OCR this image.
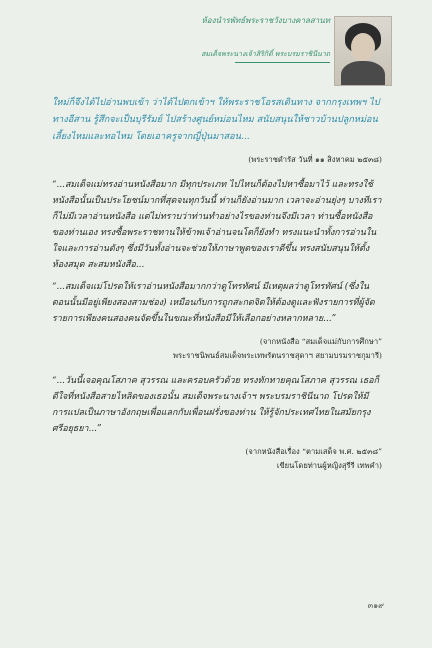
ห้องนำรพัทธ์พระราชวังบางคาลสานท
สมเด็จพระนางเจ้าสิริกิติ์ พระบรมราชินีนาถ

ใหม่ก็จึงได้ไปอ่านพบเข้า ว่าได้ไปตกเข้าฯ ให้พระราชโอรสเดินทาง จากกรุงเทพฯ ไปทางอีสาน รู้สึกจะเป็นบุรีรัมย์ ไปสร้างศูนย์หม่อนไหม สนับสนุนให้ชาวบ้านปลูกหม่อนเลี้ยงไหมและทอไหม โดยเอาครูจากญี่ปุ่นมาสอน...

(พระราชดำรัส วันที่ ๑๑ สิงหาคม ๒๕๓๘)

“...สมเด็จแม่ทรงอ่านหนังสือมาก มีทุกประเภท ไปไหนก็ต้องไปหาซื้อมาไว้ และทรงใช้หนังสือนั้นเป็นประโยชน์มากที่สุดจนทุกวันนี้ ท่านก็ยังอ่านมาก เวลาจะอ่านยุ่งๆ บางทีเราก็ไม่มีเวลาอ่านหนังสือ แต่ไม่ทราบว่าท่านทำอย่างไรของท่านจึงมีเวลา ท่านซื้อหนังสือของท่านเอง ทรงซื้อพระราชทานให้ข้าพเจ้าอ่านจนโตก็ยังทำ ทรงแนะนำทั้งการอ่านในใจและการอ่านดังๆ ซึ่งมีวันทั้งอ่านจะช่วยให้ภาษาพูดของเราดีขึ้น ทรงสนับสนุนให้ตั้งห้องสมุด สะสมหนังสือ...

“...สมเด็จแม่โปรดให้เราอ่านหนังสือมากกว่าดูโทรทัศน์ มีเหตุผลว่าดูโทรทัศน์ (ซึ่งในตอนนั้นมีอยู่เพียงสองสามช่อง) เหมือนกับการถูกสะกดจิตให้ต้องดูและฟังรายการที่ผู้จัดรายการเพียงคนสองคนจัดขึ้นในขณะที่หนังสือมีให้เลือกอย่างหลากหลาย...”

(จากหนังสือ “สมเด็จแม่กับการศึกษา”
พระราชนิพนธ์สมเด็จพระเทพรัตนราชสุดาฯ สยามบรมราชกุมารี)

“...วันนี้เจอคุณโสภาค สุวรรณ และครอบครัวด้วย ทรงทักทายคุณโสภาค สุวรรณ เธอก็ดีใจที่หนังสือสายไหลิดของเธอนั้น สมเด็จพระนางเจ้าฯ พระบรมราชินีนาถ โปรดให้มีการแปลเป็นภาษาอังกฤษเพื่อแลกกับเพื่อนฝรั่งของท่าน ให้รู้จักประเทศไทยในสมัยกรุงศรีอยุธยา...”

(จากหนังสือเรื่อง “ตามเสด็จ พ.ศ. ๒๕๓๘”
เขียนโดยท่านผู้หญิงสุรีรี เทพคำ)
๓๑๙
